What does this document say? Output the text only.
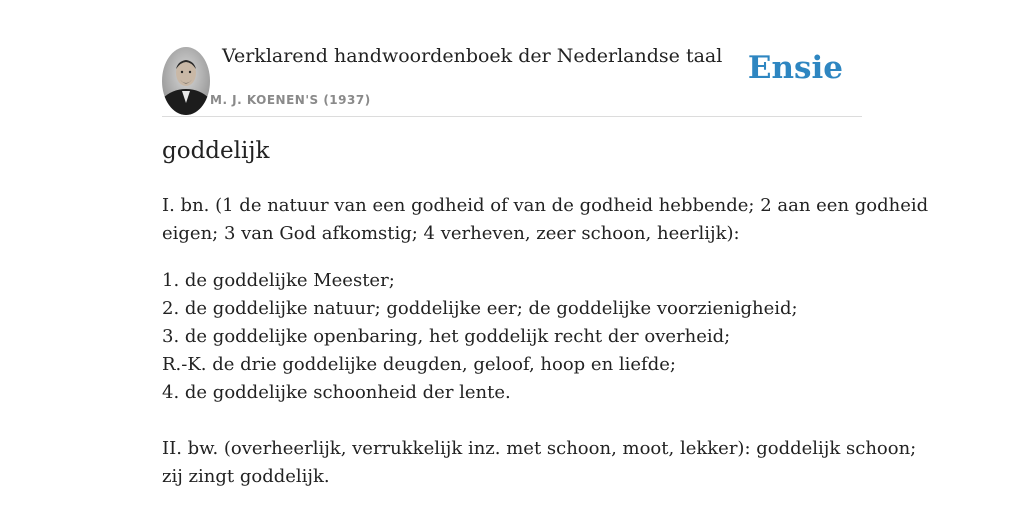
Verklarend handwoordenboek der Nederlandse taal
M. J. KOENEN'S (1937)
Ensie
goddelijk
I. bn. (1 de natuur van een godheid of van de godheid hebbende; 2 aan een godheid
eigen; 3 van God afkomstig; 4 verheven, zeer schoon, heerlijk):
1. de goddelijke Meester;
2. de goddelijke natuur; goddelijke eer; de goddelijke voorzienigheid;
3. de goddelijke openbaring, het goddelijk recht der overheid;
R.-K. de drie goddelijke deugden, geloof, hoop en liefde;
4. de goddelijke schoonheid der lente.
II. bw. (overheerlijk, verrukkelijk inz. met schoon, moot, lekker): goddelijk schoon;
zij zingt goddelijk.
